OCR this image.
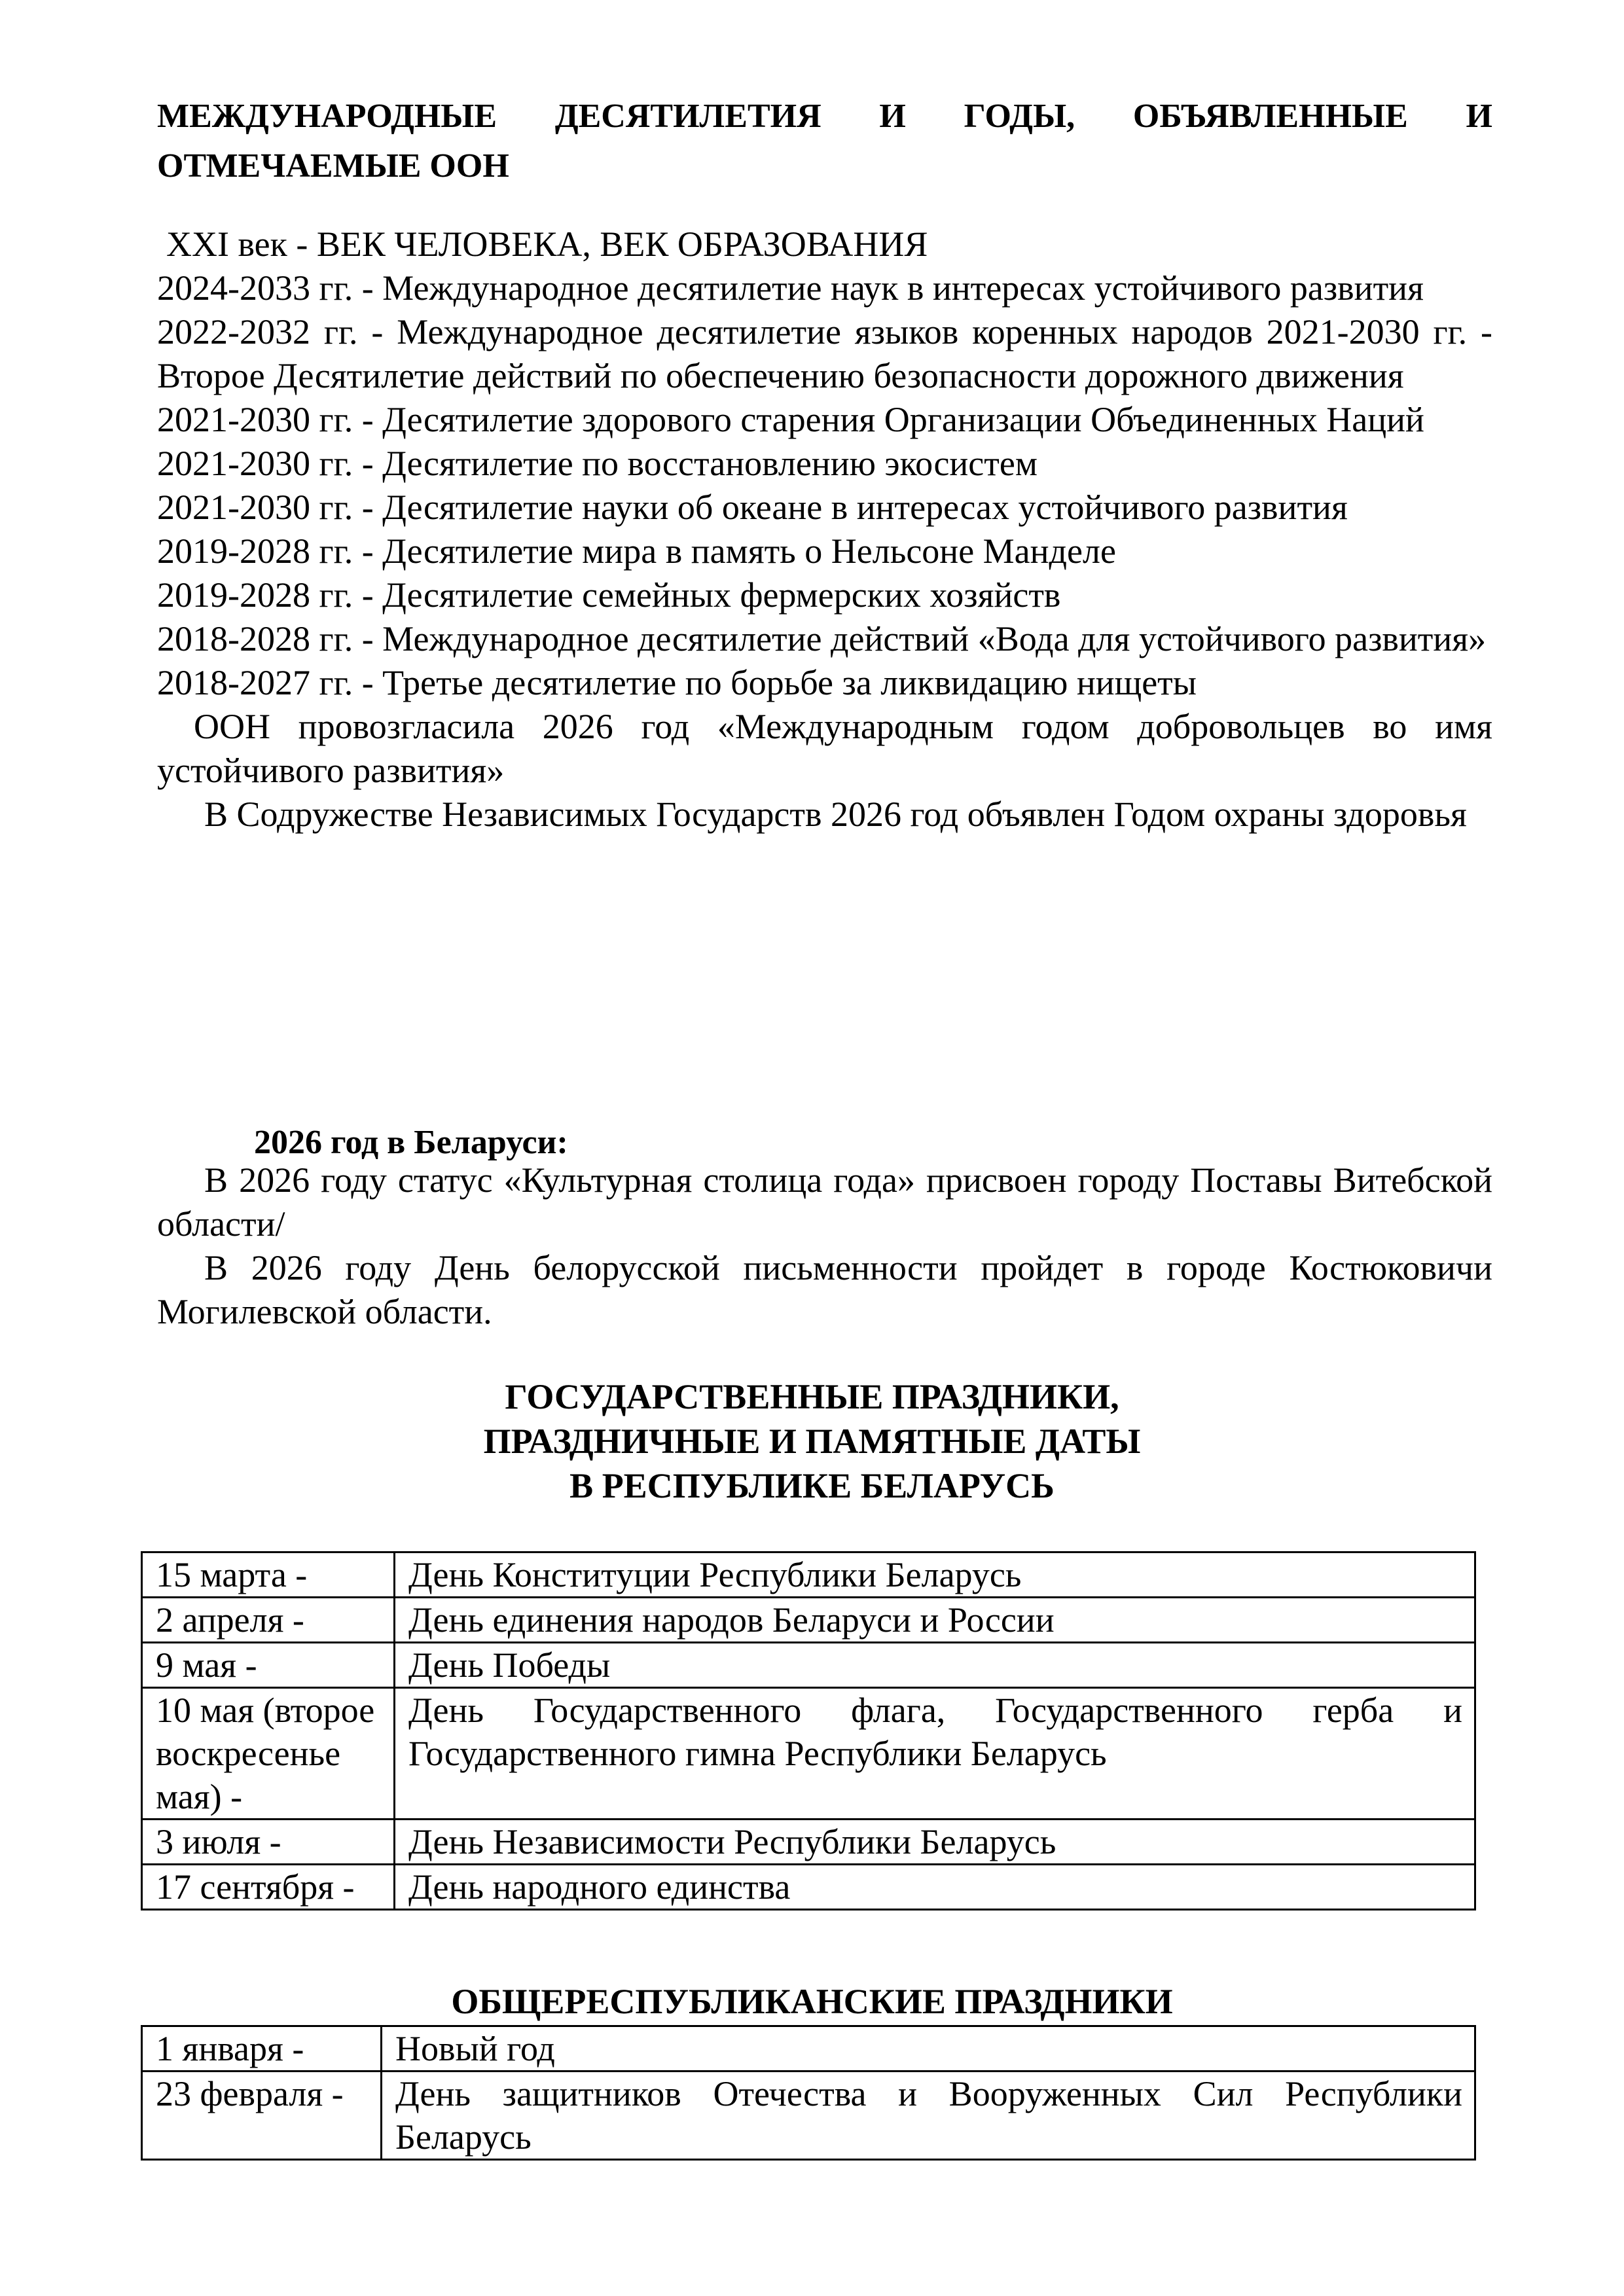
МЕЖДУНАРОДНЫЕ ДЕСЯТИЛЕТИЯ И ГОДЫ, ОБЪЯВЛЕННЫЕ И
ОТМЕЧАЕМЫЕ ООН
XXI век - ВЕК ЧЕЛОВЕКА, ВЕК ОБРАЗОВАНИЯ
2024-2033 гг. - Международное десятилетие наук в интересах устойчивого развития
2022-2032 гг. - Международное десятилетие языков коренных народов 2021-2030 гг. - Второе Десятилетие действий по обеспечению безопасности дорожного движения
2021-2030 гг. - Десятилетие здорового старения Организации Объединенных Наций
2021-2030 гг. - Десятилетие по восстановлению экосистем
2021-2030 гг. - Десятилетие науки об океане в интересах устойчивого развития
2019-2028 гг. - Десятилетие мира в память о Нельсоне Манделе
2019-2028 гг. - Десятилетие семейных фермерских хозяйств
2018-2028 гг. - Международное десятилетие действий «Вода для устойчивого развития»
2018-2027 гг. - Третье десятилетие по борьбе за ликвидацию нищеты
ООН провозгласила 2026 год «Международным годом добровольцев во имя устойчивого развития»
В Содружестве Независимых Государств 2026 год объявлен Годом охраны здоровья
2026 год в Беларуси:
В 2026 году статус «Культурная столица года» присвоен городу Поставы Витебской области/
В 2026 году День белорусской письменности пройдет в городе Костюковичи Могилевской области.
ГОСУДАРСТВЕННЫЕ ПРАЗДНИКИ,
ПРАЗДНИЧНЫЕ И ПАМЯТНЫЕ ДАТЫ
В РЕСПУБЛИКЕ БЕЛАРУСЬ
15 марта -	День Конституции Республики Беларусь
2 апреля -	День единения народов Беларуси и России
9 мая -	День Победы
10 мая (второе воскресенье мая) -	День Государственного флага, Государственного герба и Государственного гимна Республики Беларусь
3 июля -	День Независимости Республики Беларусь
17 сентября -	День народного единства
ОБЩЕРЕСПУБЛИКАНСКИЕ ПРАЗДНИКИ
1 января -	Новый год
23 февраля -	День защитников Отечества и Вооруженных Сил Республики Беларусь
